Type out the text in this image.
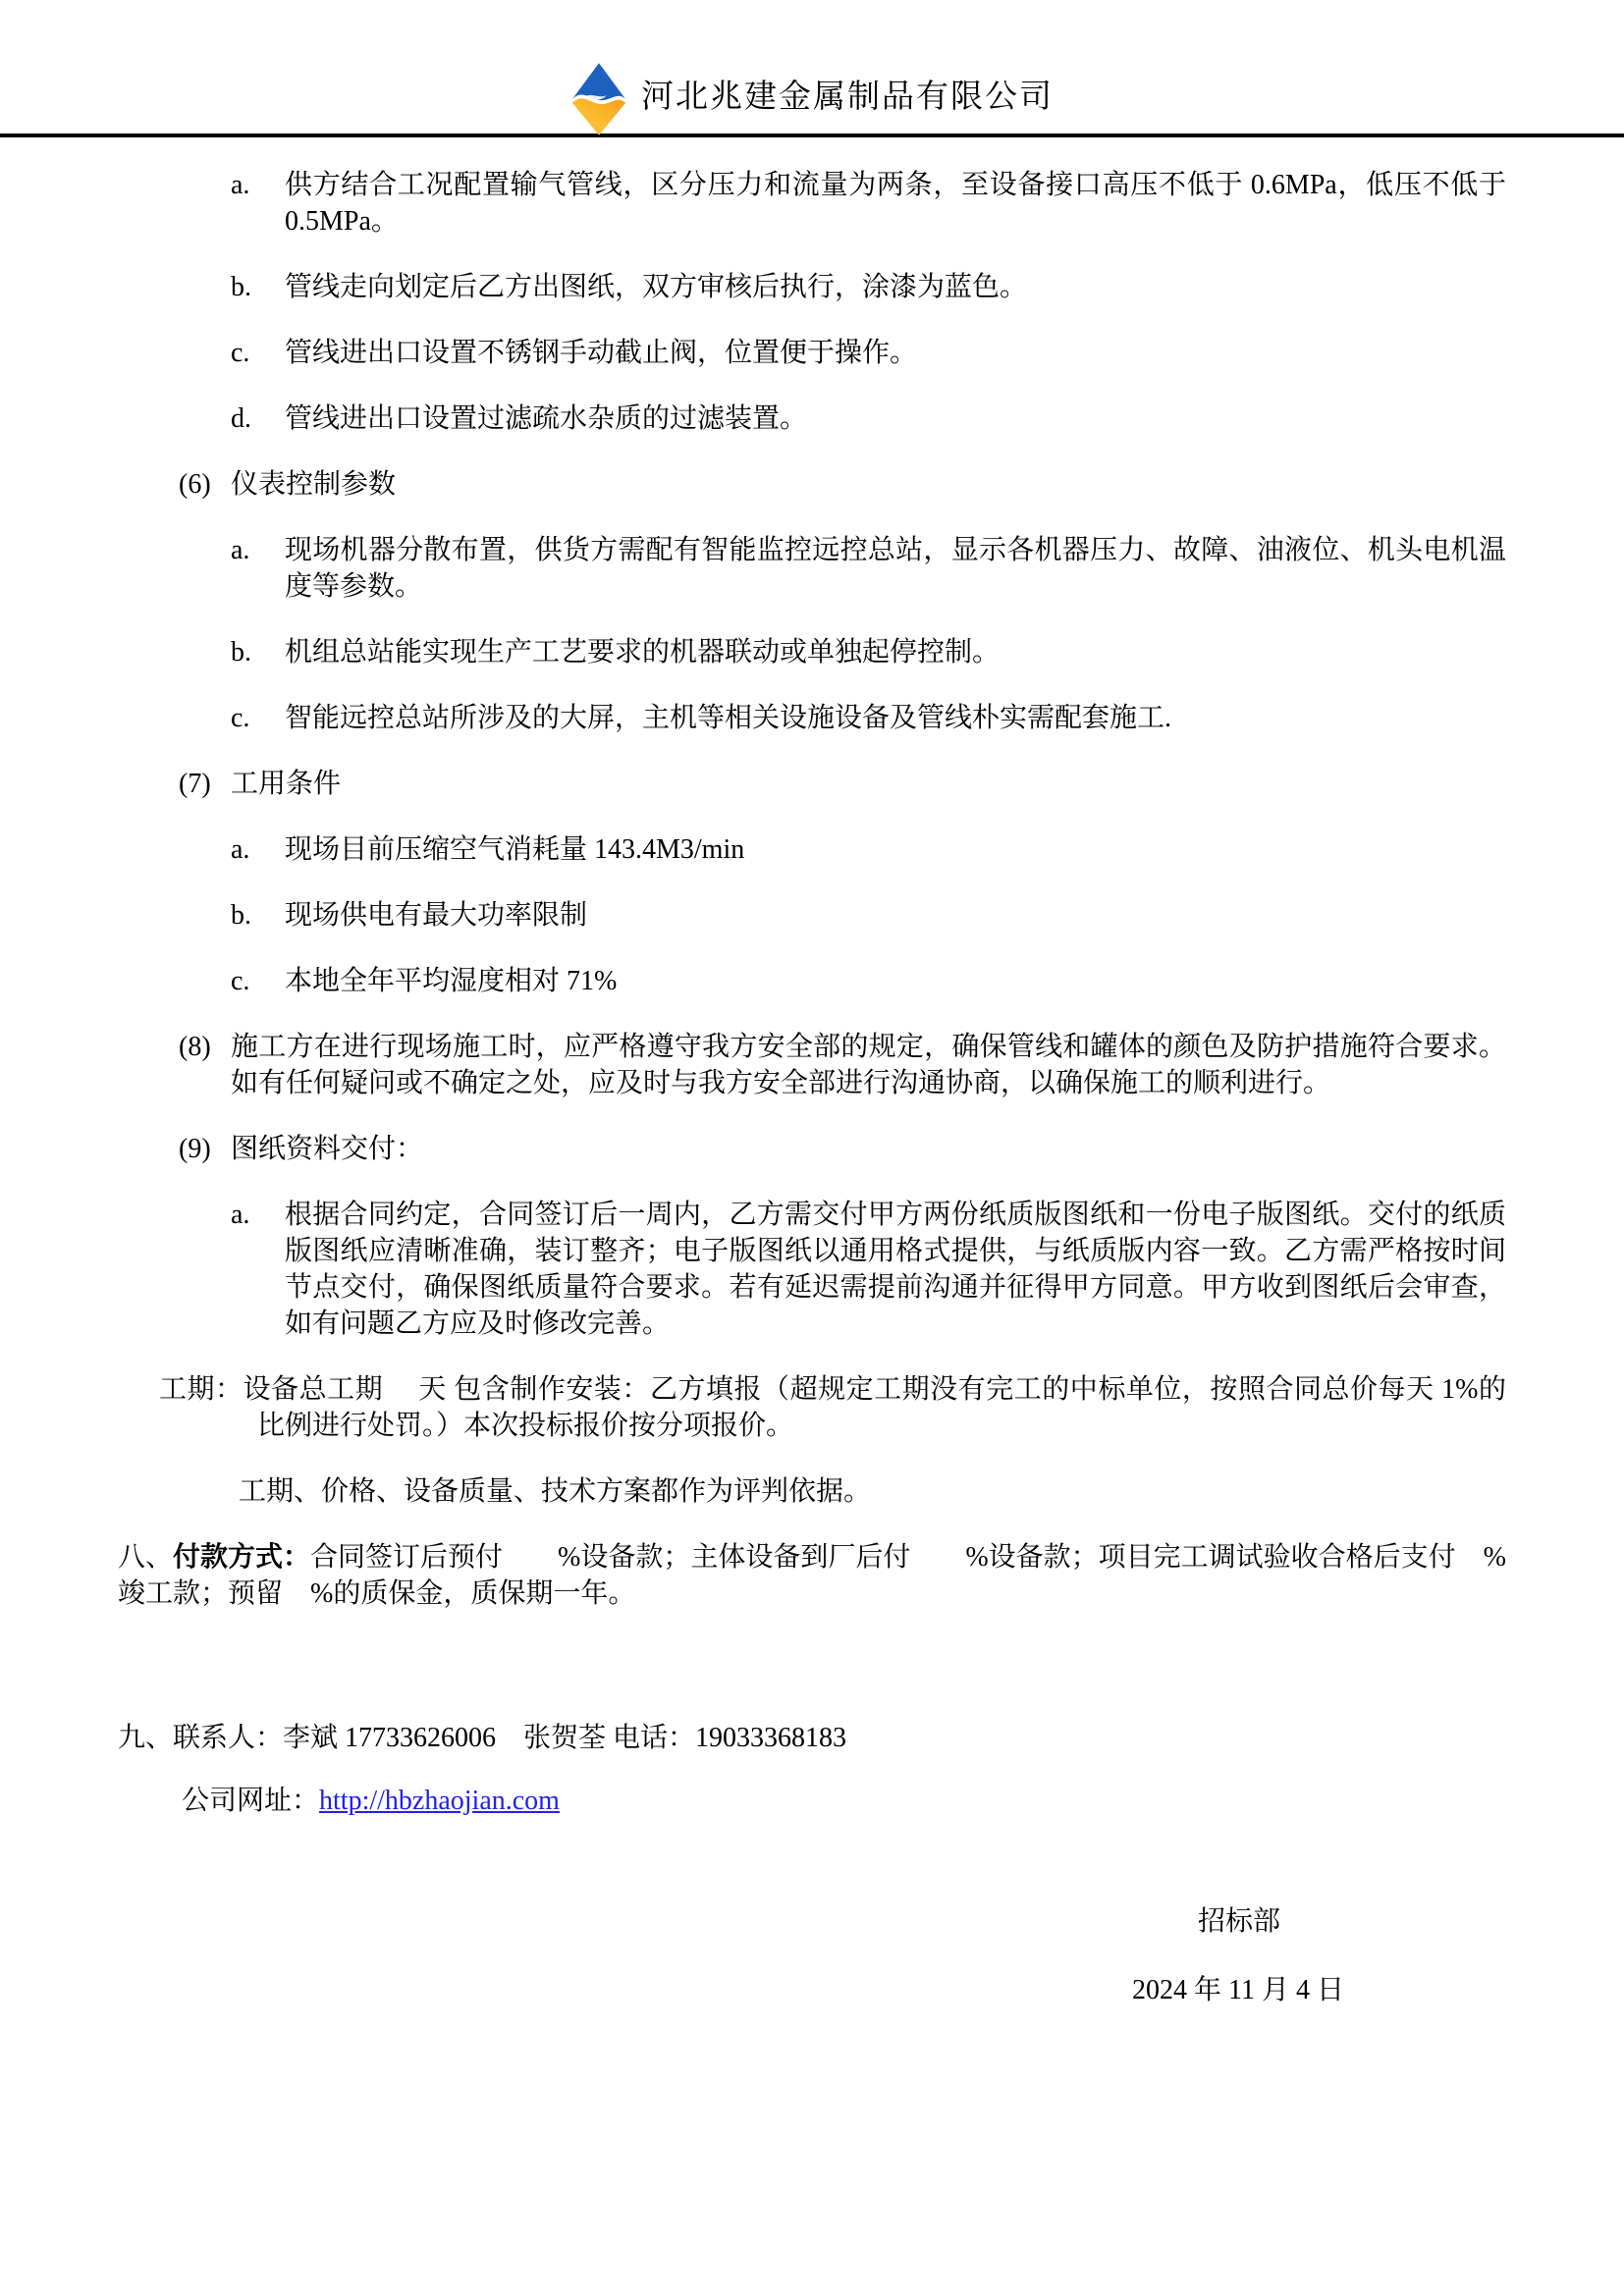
河北兆建金属制品有限公司
a. 供方结合工况配置输气管线，区分压力和流量为两条，至设备接口高压不低于 0.6MPa，低压不低于 0.5MPa。
b. 管线走向划定后乙方出图纸，双方审核后执行，涂漆为蓝色。
c. 管线进出口设置不锈钢手动截止阀，位置便于操作。
d. 管线进出口设置过滤疏水杂质的过滤装置。
(6) 仪表控制参数
a. 现场机器分散布置，供货方需配有智能监控远控总站，显示各机器压力、故障、油液位、机头电机温度等参数。
b. 机组总站能实现生产工艺要求的机器联动或单独起停控制。
c. 智能远控总站所涉及的大屏，主机等相关设施设备及管线朴实需配套施工.
(7) 工用条件
a. 现场目前压缩空气消耗量 143.4M3/min
b. 现场供电有最大功率限制
c. 本地全年平均湿度相对 71%
(8) 施工方在进行现场施工时，应严格遵守我方安全部的规定，确保管线和罐体的颜色及防护措施符合要求。如有任何疑问或不确定之处，应及时与我方安全部进行沟通协商，以确保施工的顺利进行。
(9) 图纸资料交付：
a. 根据合同约定，合同签订后一周内，乙方需交付甲方两份纸质版图纸和一份电子版图纸。交付的纸质版图纸应清晰准确，装订整齐；电子版图纸以通用格式提供，与纸质版内容一致。乙方需严格按时间节点交付，确保图纸质量符合要求。若有延迟需提前沟通并征得甲方同意。甲方收到图纸后会审查，如有问题乙方应及时修改完善。
工期：设备总工期　 天 包含制作安装：乙方填报（超规定工期没有完工的中标单位，按照合同总价每天 1%的比例进行处罚。）本次投标报价按分项报价。
工期、价格、设备质量、技术方案都作为评判依据。
八、付款方式：合同签订后预付　　%设备款；主体设备到厂后付　　%设备款；项目完工调试验收合格后支付　%竣工款；预留　%的质保金，质保期一年。
九、联系人：李斌 17733626006　张贺荃 电话：19033368183
公司网址：http://hbzhaojian.com
招标部
2024 年 11 月 4 日
